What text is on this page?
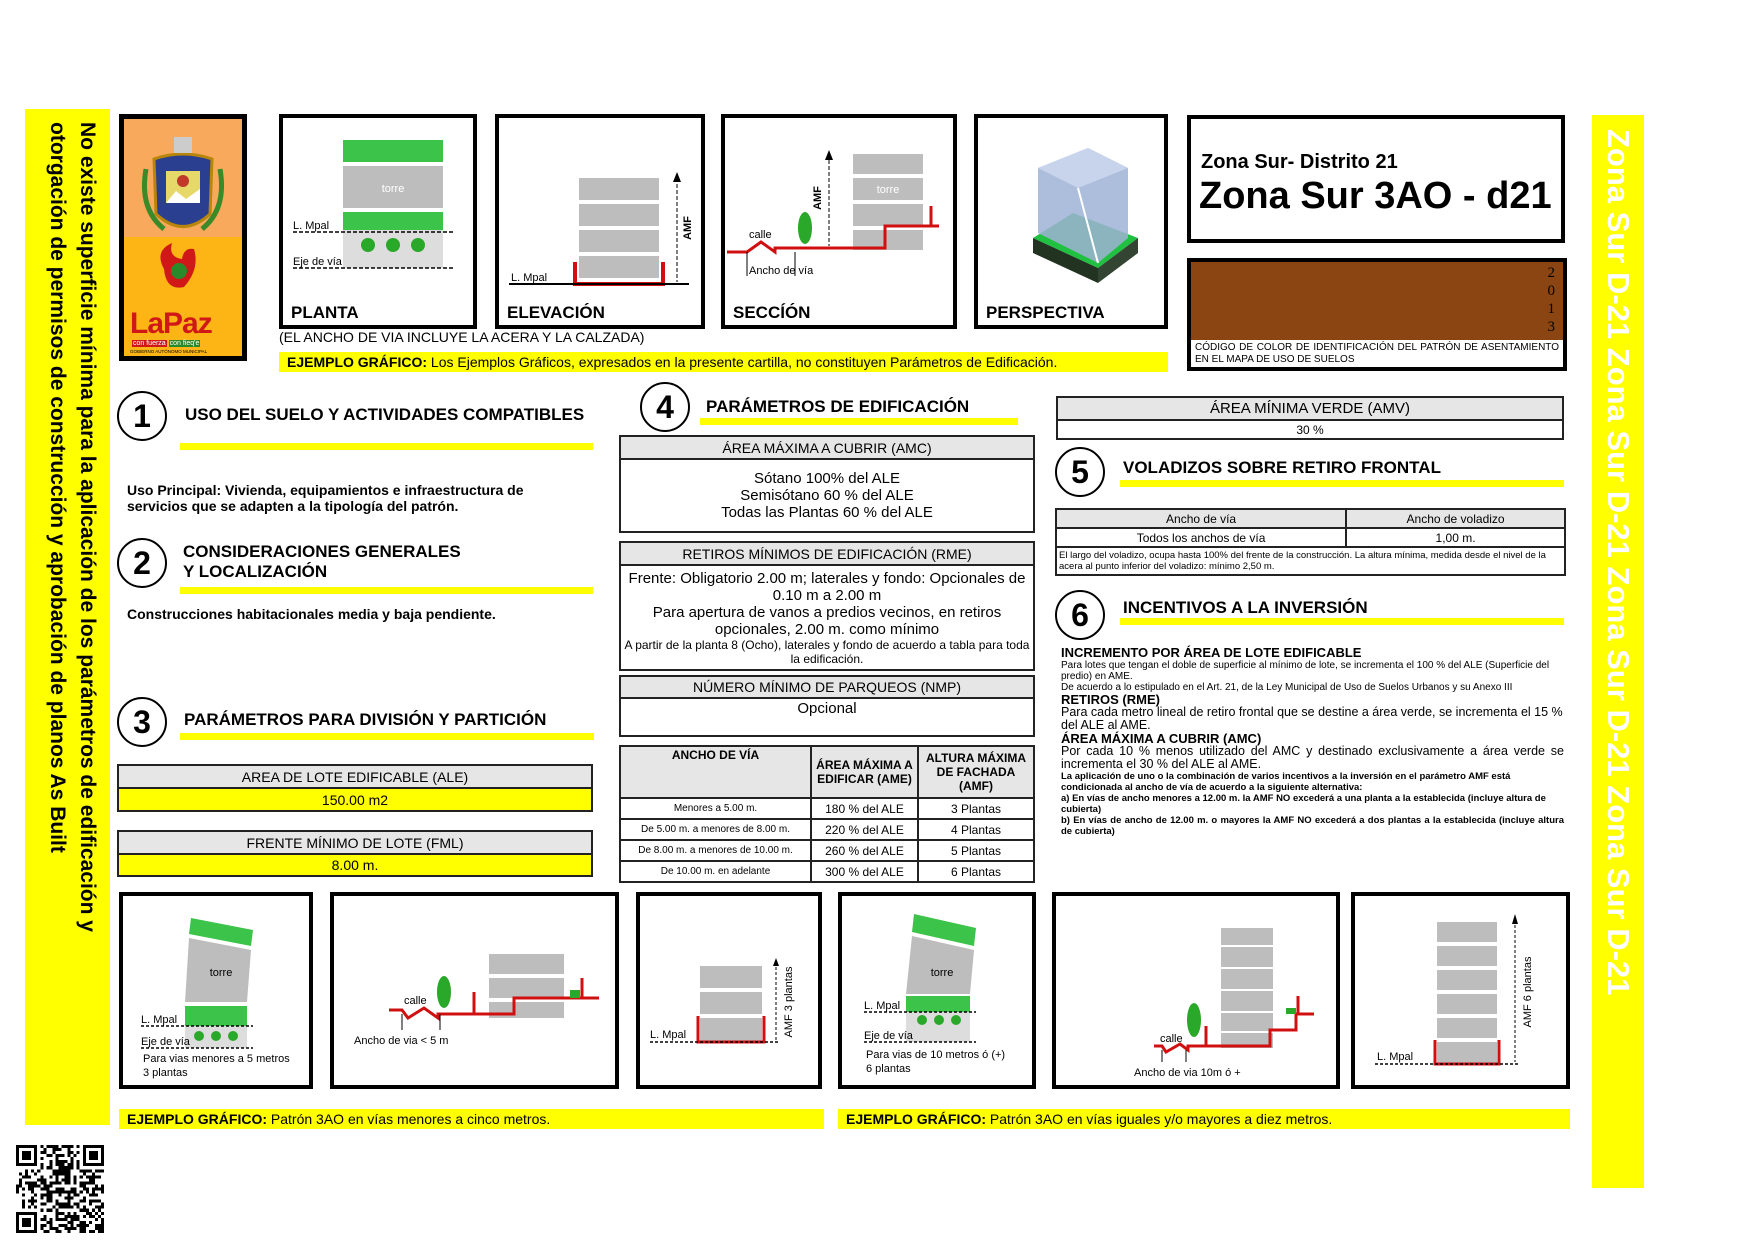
No existe superficie mínima para la aplicación de los parámetros de edificación y
otorgación de permisos de construcción y aprobación de planos As Built LaPaz
con fuerza con fieq'e
GOBIERNO AUTÓNOMO MUNICIPAL
torre
L. Mpal
Eje de vía
PLANTA
AMF
L. Mpal
ELEVACIÓN
torre
AMF
calle
Ancho de vía
SECCÍÓN	PERSPECTIVA
(EL ANCHO DE VIA INCLUYE LA ACERA Y LA CALZADA)
EJEMPLO GRÁFICO: Los Ejemplos Gráficos, expresados en la presente cartilla, no constituyen Parámetros de Edificación.
Zona Sur- Distrito 21
Zona Sur 3AO - d21
2
0
1
3
CÓDIGO DE COLOR DE IDENTIFICACIÓN DEL PATRÓN DE ASENTAMIENTO EN EL MAPA DE USO DE SUELOS	Zona Sur D-21 Zona Sur D-21 Zona Sur D-21 Zona Sur D-21
1	USO DEL SUELO Y ACTIVIDADES COMPATIBLES
Uso Principal: Vivienda, equipamientos e infraestructura de servicios que se adapten a la tipología del patrón.
2	CONSIDERACIONES GENERALES
Y LOCALIZACIÓN
Construcciones habitacionales media y baja pendiente.
3	PARÁMETROS PARA DIVISIÓN Y PARTICIÓN
AREA DE LOTE EDIFICABLE (ALE)
150.00 m2
FRENTE MÍNIMO DE LOTE (FML)
8.00 m.
4	PARÁMETROS DE EDIFICACIÓN
ÁREA MÁXIMA A CUBRIR (AMC)

Sótano 100% del ALE
Semisótano 60 % del ALE
Todas las Plantas 60 % del ALE
RETIROS MÍNIMOS DE EDIFICACIÓN (RME)

Frente: Obligatorio 2.00 m; laterales y fondo: Opcionales de 0.10 m a 2.00 m
Para apertura de vanos a predios vecinos, en retiros opcionales, 2.00 m. como mínimo
A partir de la planta 8 (Ocho), laterales y fondo de acuerdo a tabla para toda la edificación.
NÚMERO MÍNIMO DE PARQUEOS (NMP)
Opcional
ANCHO DE VÍA	ÁREA MÁXIMA A EDIFICAR (AME)	ALTURA MÁXIMA DE FACHADA (AMF)
Menores a 5.00 m.	180 % del ALE	3 Plantas
De 5.00 m. a menores de 8.00 m.	220 % del ALE	4 Plantas
De 8.00 m. a menores de 10.00 m.	260 % del ALE	5 Plantas
De 10.00 m. en adelante	300 % del ALE	6 Plantas
ÁREA MÍNIMA VERDE (AMV)
30 %
5	VOLADIZOS SOBRE RETIRO FRONTAL
Ancho de vía	Ancho de voladizo
Todos los anchos de vía	1,00 m.
El largo del voladizo, ocupa hasta 100% del frente de la construcción. La altura mínima, medida desde el nivel de la acera al punto inferior del voladizo: mínimo 2,50 m.	
6	INCENTIVOS A LA INVERSIÓN
INCREMENTO POR ÁREA DE LOTE EDIFICABLE
Para lotes que tengan el doble de superficie al mínimo de lote, se incrementa el 100 % del ALE (Superficie del predio) en AME.
De acuerdo a lo estipulado en el Art. 21, de la Ley Municipal de Uso de Suelos Urbanos y su Anexo III
RETIROS (RME)
Para cada metro lineal de retiro frontal que se destine a área verde, se incrementa el 15 % del ALE al AME.
ÁREA MÁXIMA A CUBRIR (AMC)
Por cada 10 % menos utilizado del AMC y destinado exclusivamente a área verde se incrementa el 30 % del ALE al AME.
La aplicación de uno o la combinación de varios incentivos a la inversión en el parámetro AMF está condicionada al ancho de vía de acuerdo a la siguiente alternativa:
a) En vías de ancho menores a 12.00 m. la AMF NO excederá a una planta a la establecida (incluye altura de cubierta)
b) En vías de ancho de 12.00 m. o mayores la AMF NO excederá a dos plantas a la establecida (incluye altura de cubierta)
torre
L. Mpal
Eje de vía
Para vias menores a 5 metros
3 plantas
calle
Ancho de via < 5 m	L. Mpal	AMF 3 plantas	torre
L. Mpal
Eje de vía
Para vias de 10 metros ó (+)
6 plantas
calle
Ancho de via 10m ó +
L. Mpal
AMF 6 plantas
EJEMPLO GRÁFICO: Patrón 3AO en vías menores a cinco metros.	EJEMPLO GRÁFICO: Patrón 3AO en vías iguales y/o mayores a diez metros.
